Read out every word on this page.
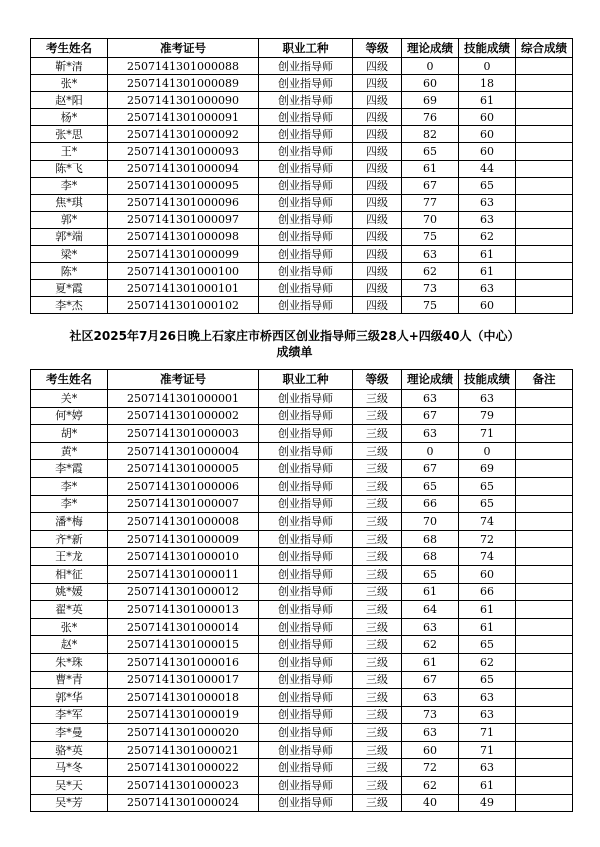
考生姓名	准考证号	职业工种	等级	理论成绩	技能成绩	综合成绩
靳*清	2507141301000088	创业指导师	四级	0	0	
张*	2507141301000089	创业指导师	四级	60	18	
赵*阳	2507141301000090	创业指导师	四级	69	61	
杨*	2507141301000091	创业指导师	四级	76	60	
张*思	2507141301000092	创业指导师	四级	82	60	
王*	2507141301000093	创业指导师	四级	65	60	
陈*飞	2507141301000094	创业指导师	四级	61	44	
李*	2507141301000095	创业指导师	四级	67	65	
焦*琪	2507141301000096	创业指导师	四级	77	63	
郭*	2507141301000097	创业指导师	四级	70	63	
郭*端	2507141301000098	创业指导师	四级	75	62	
梁*	2507141301000099	创业指导师	四级	63	61	
陈*	2507141301000100	创业指导师	四级	62	61	
夏*霞	2507141301000101	创业指导师	四级	73	63	
李*杰	2507141301000102	创业指导师	四级	75	60	
社区2025年7月26日晚上石家庄市桥西区创业指导师三级28人+四级40人（中心）
成绩单
考生姓名	准考证号	职业工种	等级	理论成绩	技能成绩	备注
关*	2507141301000001	创业指导师	三级	63	63	
何*婷	2507141301000002	创业指导师	三级	67	79	
胡*	2507141301000003	创业指导师	三级	63	71	
黄*	2507141301000004	创业指导师	三级	0	0	
李*霞	2507141301000005	创业指导师	三级	67	69	
李*	2507141301000006	创业指导师	三级	65	65	
李*	2507141301000007	创业指导师	三级	66	65	
潘*梅	2507141301000008	创业指导师	三级	70	74	
齐*新	2507141301000009	创业指导师	三级	68	72	
王*龙	2507141301000010	创业指导师	三级	68	74	
相*征	2507141301000011	创业指导师	三级	65	60	
姚*媛	2507141301000012	创业指导师	三级	61	66	
翟*英	2507141301000013	创业指导师	三级	64	61	
张*	2507141301000014	创业指导师	三级	63	61	
赵*	2507141301000015	创业指导师	三级	62	65	
朱*珠	2507141301000016	创业指导师	三级	61	62	
曹*青	2507141301000017	创业指导师	三级	67	65	
郭*华	2507141301000018	创业指导师	三级	63	63	
李*军	2507141301000019	创业指导师	三级	73	63	
李*曼	2507141301000020	创业指导师	三级	63	71	
骆*英	2507141301000021	创业指导师	三级	60	71	
马*冬	2507141301000022	创业指导师	三级	72	63	
吴*天	2507141301000023	创业指导师	三级	62	61	
吴*芳	2507141301000024	创业指导师	三级	40	49	
